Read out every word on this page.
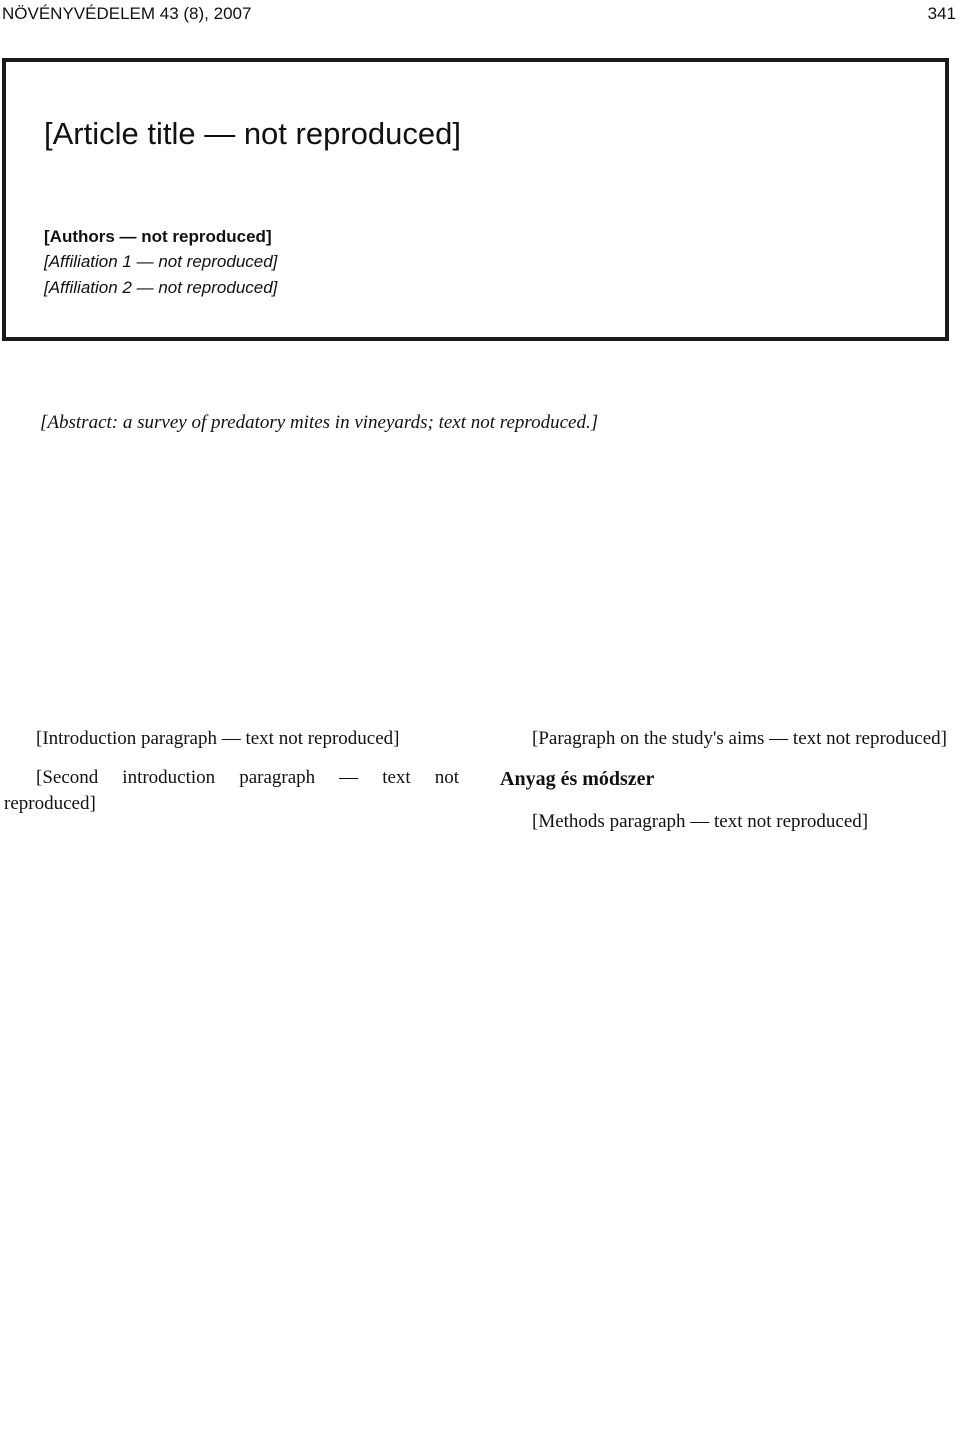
NÖVÉNYVÉDELEM 43 (8), 2007	341
[Article title — not reproduced]
[Authors — not reproduced]
[Affiliation 1 — not reproduced]
[Affiliation 2 — not reproduced]

[Abstract: a survey of predatory mites in vineyards; text not reproduced.]

[Introduction paragraph — text not reproduced]

[Second introduction paragraph — text not reproduced]

[Paragraph on the study's aims — text not reproduced]

Anyag és módszer

[Methods paragraph — text not reproduced]
